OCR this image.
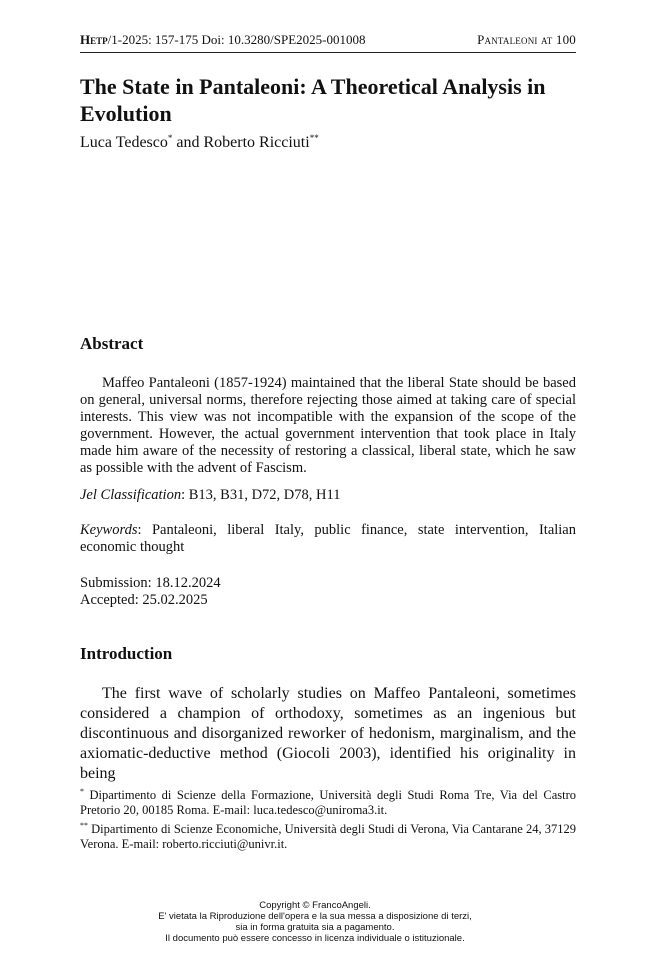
Hetp/1-2025: 157-175 Doi: 10.3280/SPE2025-001008	Pantaleoni at 100
The State in Pantaleoni: A Theoretical Analysis in Evolution
Luca Tedesco* and Roberto Ricciuti**
Abstract

Maffeo Pantaleoni (1857-1924) maintained that the liberal State should be based on general, universal norms, therefore rejecting those aimed at taking care of special interests. This view was not incompatible with the expansion of the scope of the government. However, the actual government intervention that took place in Italy made him aware of the necessity of restoring a classical, liberal state, which he saw as possible with the advent of Fascism.

Jel Classification: B13, B31, D72, D78, H11

Keywords: Pantaleoni, liberal Italy, public finance, state intervention, Italian economic thought

Submission: 18.12.2024
Accepted: 25.02.2025
Introduction

The first wave of scholarly studies on Maffeo Pantaleoni, sometimes considered a champion of orthodoxy, sometimes as an ingenious but discontinuous and disorganized reworker of hedonism, marginalism, and the axiomatic-deductive method (Giocoli 2003), identified his originality in being

* Dipartimento di Scienze della Formazione, Università degli Studi Roma Tre, Via del Castro Pretorio 20, 00185 Roma. E-mail: luca.tedesco@uniroma3.it.

** Dipartimento di Scienze Economiche, Università degli Studi di Verona, Via Cantarane 24, 37129 Verona. E-mail: roberto.ricciuti@univr.it.

Copyright © FrancoAngeli.
E' vietata la Riproduzione dell'opera e la sua messa a disposizione di terzi,
sia in forma gratuita sia a pagamento.
Il documento può essere concesso in licenza individuale o istituzionale.
